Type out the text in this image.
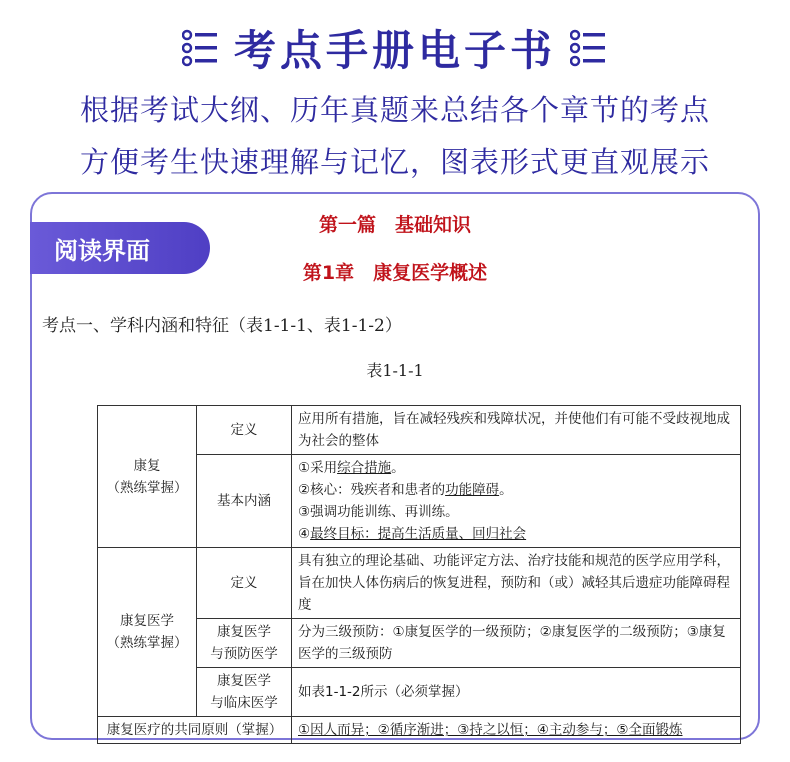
考点手册电子书
根据考试大纲、历年真题来总结各个章节的考点
方便考生快速理解与记忆，图表形式更直观展示
阅读界面
第一篇　基础知识
第1章　康复医学概述
考点一、学科内涵和特征（表1-1-1、表1-1-2）
表1-1-1
康复
（熟练掌握）	定义	应用所有措施，旨在减轻残疾和残障状况，并使他们有可能不受歧视地成为社会的整体
	基本内涵	①采用综合措施。
②核心：残疾者和患者的功能障碍。
③强调功能训练、再训练。
④最终目标：提高生活质量、回归社会

康复医学
（熟练掌握）	定义	具有独立的理论基础、功能评定方法、治疗技能和规范的医学应用学科，旨在加快人体伤病后的恢复进程，预防和（或）减轻其后遗症功能障碍程度
	康复医学
与预防医学	分为三级预防：①康复医学的一级预防；②康复医学的二级预防；③康复医学的三级预防
	康复医学
与临床医学	如表1-1-2所示（必须掌握）
康复医疗的共同原则（掌握）		①因人而异；②循序渐进；③持之以恒；④主动参与；⑤全面锻炼
